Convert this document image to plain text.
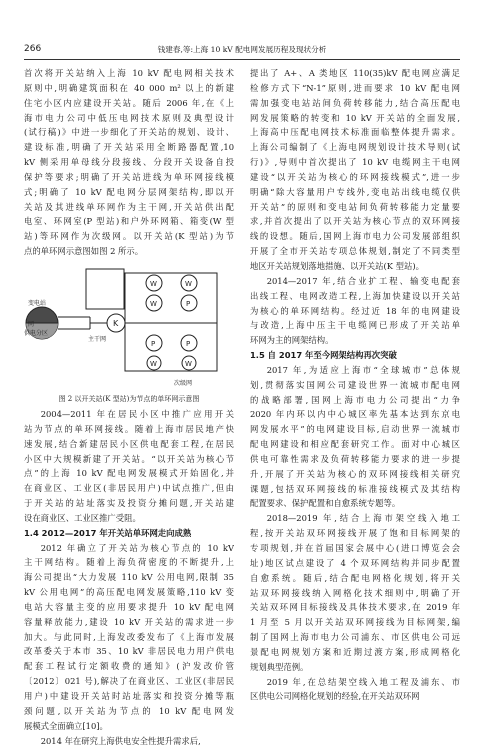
266	钱建春,等:上海 10 kV 配电网发展历程及现状分析
首次将开关站纳入上海 10 kV 配电网相关技术
原则中,明确建筑面积在 40 000 m² 以上的新建
住宅小区内应建设开关站。随后 2006 年,在《上
海市电力公司中低压电网技术原则及典型设计
(试行稿)》中进一步细化了开关站的规划、设计、
建设标准,明确了开关站采用全断路器配置,10
kV 侧采用单母线分段接线、分段开关设备自投
保护等要求;明确了开关站进线为单环网接线模
式;明确了 10 kV 配电网分层网架结构,即以开
关站及其进线单环网作为主干网,开关站供出配
电室、环网室(P 型站)和户外环网箱、箱变(W 型
站)等环网作为次级网。以开关站(K 型站)为节
点的单环网示意图如图 2 所示。
同一
供电分区
K
主干网
W	W
W	P
P	P
W	W
次级网
变电站
图 2 以开关站(K 型站)为节点的单环网示意图
2004—2011 年在居民小区中推广应用开关
站为节点的单环网接线。随着上海市居民地产快
速发展,结合新建居民小区供电配套工程,在居民
小区中大规模新建了开关站。“以开关站为核心节
点”的上海 10 kV 配电网发展模式开始固化,并
在商业区、工业区(非居民用户)中试点推广,但由
于开关站的站址落实及投资分摊问题,开关站建
设在商业区、工业区推广受阻。
1.4 2012—2017 年开关站单环网走向成熟
2012 年确立了开关站为核心节点的 10 kV
主干网结构。随着上海负荷密度的不断提升,上
海公司提出“大力发展 110 kV 公用电网,限制 35
kV 公用电网”的高压配电网发展策略,110 kV 变
电站大容量主变的应用要求提升 10 kV 配电网
容量释放能力,建设 10 kV 开关站的需求进一步
加大。与此同时,上海发改委发布了《上海市发展
改革委关于本市 35、10 kV 非居民电力用户供电
配套工程试行定额收费的通知》(沪发改价管
〔2012〕021 号),解决了在商业区、工业区(非居民
用户)中建设开关站时站址落实和投资分摊等瓶
颈问题,以开关站为节点的 10 kV 配电网发
展模式全面确立[10]。
2014 年在研究上海供电安全性提升需求后,
提出了 A+、A 类地区 110(35)kV 配电网应满足
检修方式下“N-1”原则,进而要求 10 kV 配电网
需加强变电站站间负荷转移能力,结合高压配电
网发展策略的转变和 10 kV 开关站的全面发展,
上海高中压配电网技术标准面临整体提升需求。
上海公司编制了《上海电网规划设计技术导则(试
行)》,导则中首次提出了 10 kV 电缆网主干电网
建设“以开关站为核心的环网接线模式”,进一步
明确“除大容量用户专线外,变电站出线电缆仅供
开关站”的原则和变电站间负荷转移能力定量要
求,并首次提出了以开关站为核心节点的双环网接
线的设想。随后,国网上海市电力公司发展部组织
开展了全市开关站专项总体规划,制定了不同类型
地区开关站规划落地措施、以开关站(K 型站)。
2014—2017 年,结合业扩工程、输变电配套
出线工程、电网改造工程,上海加快建设以开关站
为核心的单环网结构。经过近 18 年的电网建设
与改造,上海中压主干电缆网已形成了开关站单
环网为主的网架结构。
1.5 自 2017 年至今网架结构再次突破
2017 年,为适应上海市“全球城市”总体规
划,贯彻落实国网公司建设世界一流城市配电网
的战略部署,国网上海市电力公司提出“力争
2020 年内环以内中心城区率先基本达到东京电
网发展水平”的电网建设目标,启动世界一流城市
配电网建设和相应配套研究工作。面对中心城区
供电可靠性需求及负荷转移能力要求的进一步提
升,开展了开关站为核心的双环网接线相关研究
课题,包括双环网接线的标准接线模式及其结构
配置要求、保护配置和自愈系统专题等。
2018—2019 年,结合上海市架空线入地工
程,按开关站双环网接线开展了饱和目标网架的
专项规划,并在首届国家会展中心(进口博览会会
址)地区试点建设了 4 个双环网结构并同步配置
自愈系统。随后,结合配电网格化规划,将开关
站双环网接线纳入网格化技术细则中,明确了开
关站双环网目标接线及具体技术要求,在 2019 年
1 月至 5 月以开关站双环网接线为目标网架,编
制了国网上海市电力公司浦东、市区供电公司远
景配电网规划方案和近期过渡方案,形成网格化
规划典型范例。
2019 年,在总结架空线入地工程及浦东、市
区供电公司网格化规划的经验,在开关站双环网
